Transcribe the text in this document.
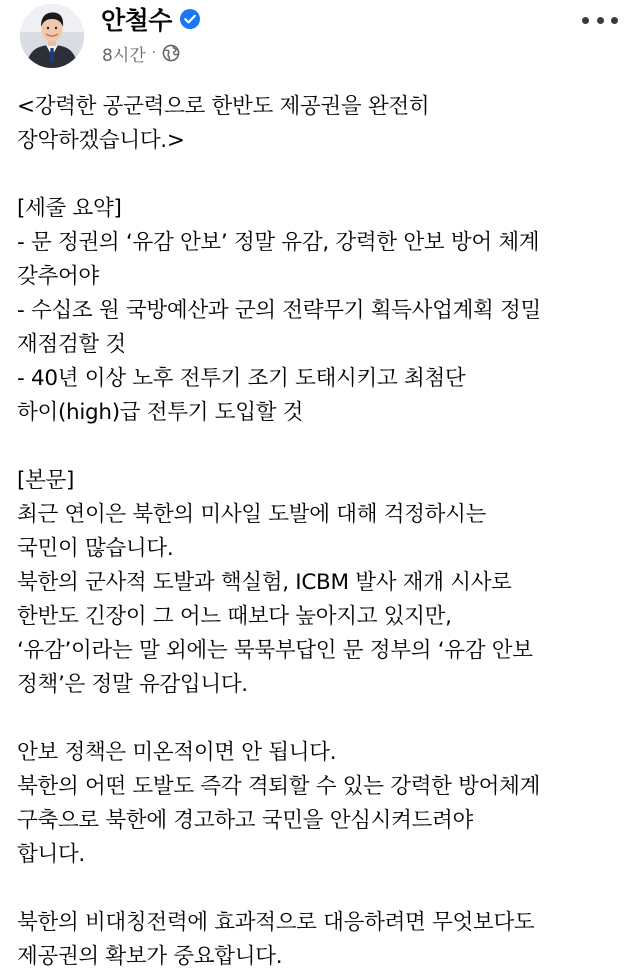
안철수
8시간 ·

<강력한 공군력으로 한반도 제공권을 완전히

장악하겠습니다.>

[세줄 요약]

- 문 정권의 ‘유감 안보’ 정말 유감, 강력한 안보 방어 체계

갖추어야

- 수십조 원 국방예산과 군의 전략무기 획득사업계획 정밀

재점검할 것

- 40년 이상 노후 전투기 조기 도태시키고 최첨단

하이(high)급 전투기 도입할 것

[본문]

최근 연이은 북한의 미사일 도발에 대해 걱정하시는

국민이 많습니다.

북한의 군사적 도발과 핵실험, ICBM 발사 재개 시사로

한반도 긴장이 그 어느 때보다 높아지고 있지만,

‘유감’이라는 말 외에는 묵묵부답인 문 정부의 ‘유감 안보

정책’은 정말 유감입니다.

안보 정책은 미온적이면 안 됩니다.

북한의 어떤 도발도 즉각 격퇴할 수 있는 강력한 방어체계

구축으로 북한에 경고하고 국민을 안심시켜드려야

합니다.

북한의 비대칭전력에 효과적으로 대응하려면 무엇보다도

제공권의 확보가 중요합니다.
